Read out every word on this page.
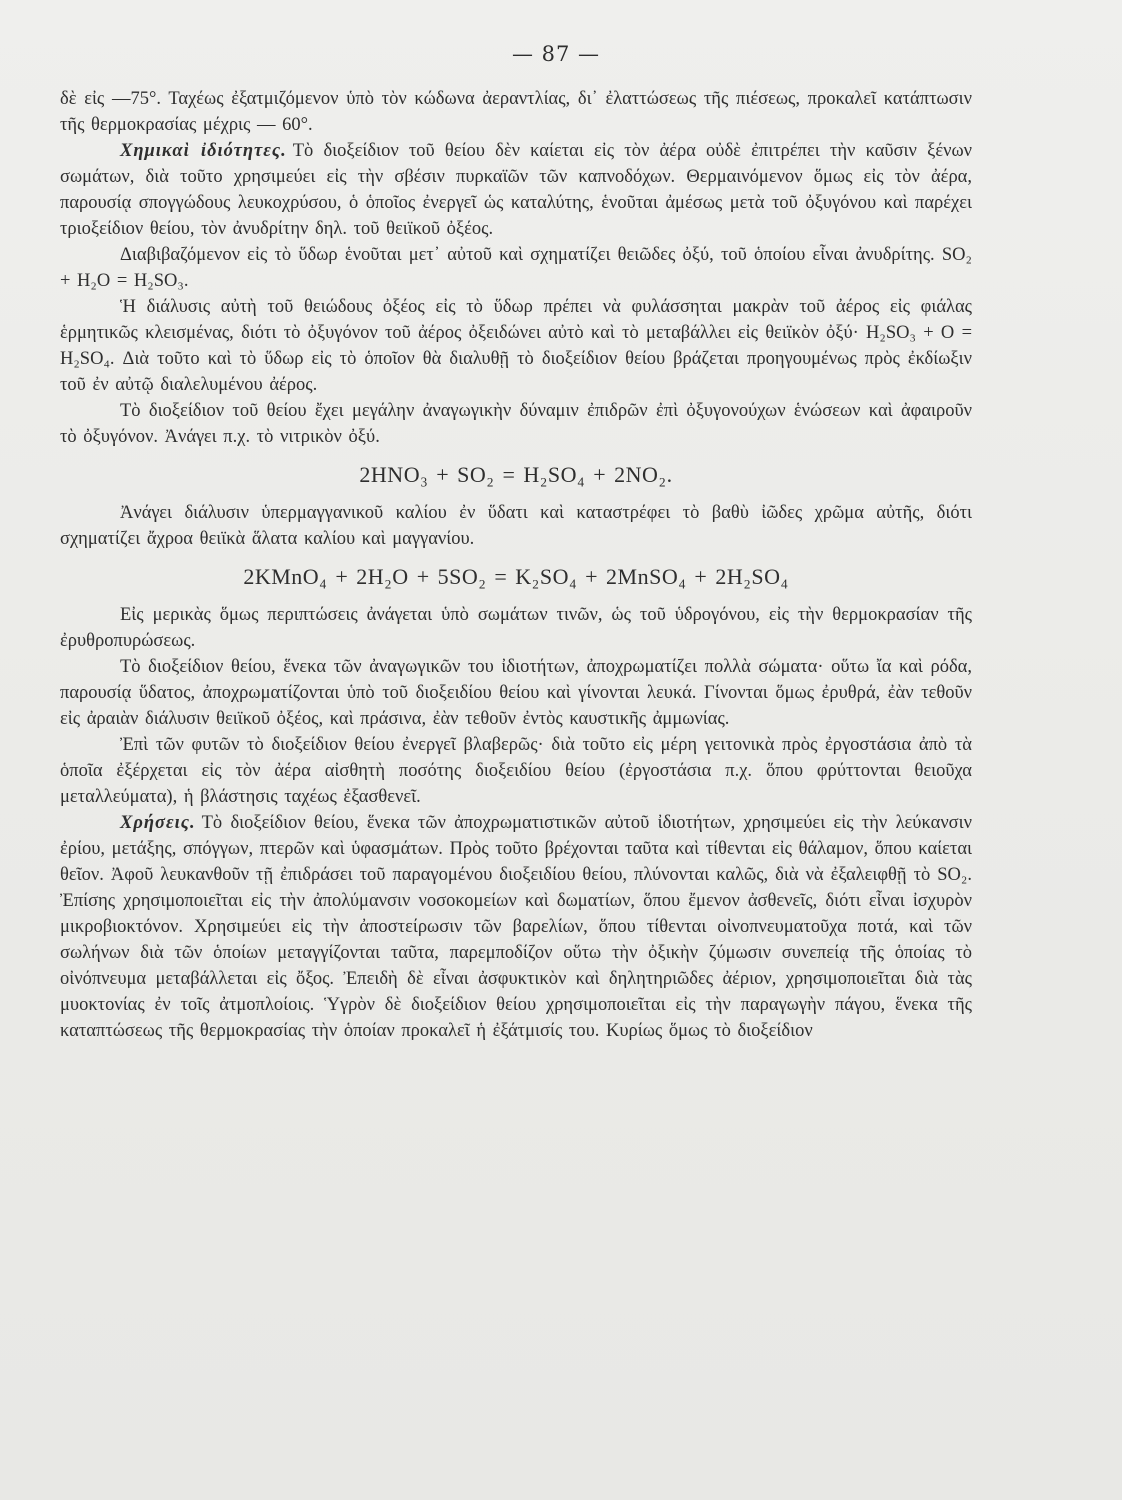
— 87 —

δὲ εἰς —75°. Ταχέως ἐξατμιζόμενον ὑπὸ τὸν κώδωνα ἀεραντλίας, δι᾽ ἐλαττώσεως τῆς πιέσεως, προκαλεῖ κατάπτωσιν τῆς θερμοκρασίας μέχρις — 60°.

Χημικαὶ ἰδιότητες. Τὸ διοξείδιον τοῦ θείου δὲν καίεται εἰς τὸν ἀέρα οὐδὲ ἐπιτρέπει τὴν καῦσιν ξένων σωμάτων, διὰ τοῦτο χρησιμεύει εἰς τὴν σβέσιν πυρκαϊῶν τῶν καπνοδόχων. Θερμαινόμενον ὅμως εἰς τὸν ἀέρα, παρουσίᾳ σπογγώδους λευκοχρύσου, ὁ ὁποῖος ἐνεργεῖ ὡς καταλύτης, ἑνοῦται ἀμέσως μετὰ τοῦ ὀξυγόνου καὶ παρέχει τριοξείδιον θείου, τὸν ἀνυδρίτην δηλ. τοῦ θειϊκοῦ ὀξέος.

Διαβιβαζόμενον εἰς τὸ ὕδωρ ἑνοῦται μετ᾽ αὐτοῦ καὶ σχηματίζει θειῶδες ὀξύ, τοῦ ὁποίου εἶναι ἀνυδρίτης. SO₂ + H₂O = H₂SO₃.

Ἡ διάλυσις αὐτὴ τοῦ θειώδους ὀξέος εἰς τὸ ὕδωρ πρέπει νὰ φυλάσσηται μακρὰν τοῦ ἀέρος εἰς φιάλας ἑρμητικῶς κλεισμένας, διότι τὸ ὀξυγόνον τοῦ ἀέρος ὀξειδώνει αὐτὸ καὶ τὸ μεταβάλλει εἰς θειϊκὸν ὀξύ· H₂SO₃ + O = H₂SO₄. Διὰ τοῦτο καὶ τὸ ὕδωρ εἰς τὸ ὁποῖον θὰ διαλυθῇ τὸ διοξείδιον θείου βράζεται προηγουμένως πρὸς ἐκδίωξιν τοῦ ἐν αὐτῷ διαλελυμένου ἀέρος.

Τὸ διοξείδιον τοῦ θείου ἔχει μεγάλην ἀναγωγικὴν δύναμιν ἐπιδρῶν ἐπὶ ὀξυγονούχων ἑνώσεων καὶ ἀφαιροῦν τὸ ὀξυγόνον. Ἀνάγει π.χ. τὸ νιτρικὸν ὀξύ.

2HNO₃ + SO₂ = H₂SO₄ + 2NO₂.

Ἀνάγει διάλυσιν ὑπερμαγγανικοῦ καλίου ἐν ὕδατι καὶ καταστρέφει τὸ βαθὺ ἰῶδες χρῶμα αὐτῆς, διότι σχηματίζει ἄχροα θειϊκὰ ἅλατα καλίου καὶ μαγγανίου.

2KMnO₄ + 2H₂O + 5SO₂ = K₂SO₄ + 2MnSO₄ + 2H₂SO₄

Εἰς μερικὰς ὅμως περιπτώσεις ἀνάγεται ὑπὸ σωμάτων τινῶν, ὡς τοῦ ὑδρογόνου, εἰς τὴν θερμοκρασίαν τῆς ἐρυθροπυρώσεως.

Τὸ διοξείδιον θείου, ἕνεκα τῶν ἀναγωγικῶν του ἰδιοτήτων, ἀποχρωματίζει πολλὰ σώματα· οὕτω ἴα καὶ ρόδα, παρουσίᾳ ὕδατος, ἀποχρωματίζονται ὑπὸ τοῦ διοξειδίου θείου καὶ γίνονται λευκά. Γίνονται ὅμως ἐρυθρά, ἐὰν τεθοῦν εἰς ἀραιὰν διάλυσιν θειϊκοῦ ὀξέος, καὶ πράσινα, ἐὰν τεθοῦν ἐντὸς καυστικῆς ἀμμωνίας.

Ἐπὶ τῶν φυτῶν τὸ διοξείδιον θείου ἐνεργεῖ βλαβερῶς· διὰ τοῦτο εἰς μέρη γειτονικὰ πρὸς ἐργοστάσια ἀπὸ τὰ ὁποῖα ἐξέρχεται εἰς τὸν ἀέρα αἰσθητὴ ποσότης διοξειδίου θείου (ἐργοστάσια π.χ. ὅπου φρύττονται θειοῦχα μεταλλεύματα), ἡ βλάστησις ταχέως ἐξασθενεῖ.

Χρήσεις. Τὸ διοξείδιον θείου, ἕνεκα τῶν ἀποχρωματιστικῶν αὐτοῦ ἰδιοτήτων, χρησιμεύει εἰς τὴν λεύκανσιν ἐρίου, μετάξης, σπόγγων, πτερῶν καὶ ὑφασμάτων. Πρὸς τοῦτο βρέχονται ταῦτα καὶ τίθενται εἰς θάλαμον, ὅπου καίεται θεῖον. Ἀφοῦ λευκανθοῦν τῇ ἐπιδράσει τοῦ παραγομένου διοξειδίου θείου, πλύνονται καλῶς, διὰ νὰ ἐξαλειφθῇ τὸ SO₂. Ἐπίσης χρησιμοποιεῖται εἰς τὴν ἀπολύμανσιν νοσοκομείων καὶ δωματίων, ὅπου ἔμενον ἀσθενεῖς, διότι εἶναι ἰσχυρὸν μικροβιοκτόνον. Χρησιμεύει εἰς τὴν ἀποστείρωσιν τῶν βαρελίων, ὅπου τίθενται οἰνοπνευματοῦχα ποτά, καὶ τῶν σωλήνων διὰ τῶν ὁποίων μεταγγίζονται ταῦτα, παρεμποδίζον οὕτω τὴν ὀξικὴν ζύμωσιν συνεπείᾳ τῆς ὁποίας τὸ οἰνόπνευμα μεταβάλλεται εἰς ὄξος. Ἐπειδὴ δὲ εἶναι ἀσφυκτικὸν καὶ δηλητηριῶδες ἀέριον, χρησιμοποιεῖται διὰ τὰς μυοκτονίας ἐν τοῖς ἀτμοπλοίοις. Ὑγρὸν δὲ διοξείδιον θείου χρησιμοποιεῖται εἰς τὴν παραγωγὴν πάγου, ἕνεκα τῆς καταπτώσεως τῆς θερμοκρασίας τὴν ὁποίαν προκαλεῖ ἡ ἐξάτμισίς του. Κυρίως ὅμως τὸ διοξείδιον
